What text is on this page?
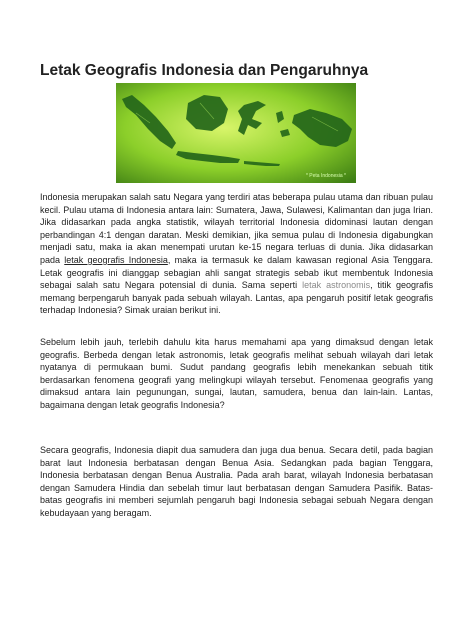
Letak Geografis Indonesia dan Pengaruhnya
* Peta Indonesia *

Indonesia merupakan salah satu Negara yang terdiri atas beberapa pulau utama dan ribuan pulau kecil. Pulau utama di Indonesia antara lain: Sumatera, Jawa, Sulawesi, Kalimantan dan juga Irian. Jika didasarkan pada angka statistik, wilayah territorial Indonesia didominasi lautan dengan perbandingan 4:1 dengan daratan. Meski demikian, jika semua pulau di Indonesia digabungkan menjadi satu, maka ia akan menempati urutan ke-15 negara terluas di dunia. Jika didasarkan pada letak geografis Indonesia, maka ia termasuk ke dalam kawasan regional Asia Tenggara. Letak geografis ini dianggap sebagian ahli sangat strategis sebab ikut membentuk Indonesia sebagai salah satu Negara potensial di dunia. Sama seperti letak astronomis, titik geografis memang berpengaruh banyak pada sebuah wilayah. Lantas, apa pengaruh positif letak geografis terhadap Indonesia? Simak uraian berikut ini.

Sebelum lebih jauh, terlebih dahulu kita harus memahami apa yang dimaksud dengan letak geografis. Berbeda dengan letak astronomis, letak geografis melihat sebuah wilayah dari letak nyatanya di permukaan bumi. Sudut pandang geografis lebih menekankan sebuah titik berdasarkan fenomena geografi yang melingkupi wilayah tersebut. Fenomenaa geografis yang dimaksud antara lain pegunungan, sungai, lautan, samudera, benua dan lain-lain. Lantas, bagaimana dengan letak geografis Indonesia?

Secara geografis, Indonesia diapit dua samudera dan juga dua benua. Secara detil, pada bagian barat laut Indonesia berbatasan dengan Benua Asia. Sedangkan pada bagian Tenggara, Indonesia berbatasan dengan Benua Australia. Pada arah barat, wilayah Indonesia berbatasan dengan Samudera Hindia dan sebelah timur laut berbatasan dengan Samudera Pasifik. Batas-batas geografis ini memberi sejumlah pengaruh bagi Indonesia sebagai sebuah Negara dengan kebudayaan yang beragam.
